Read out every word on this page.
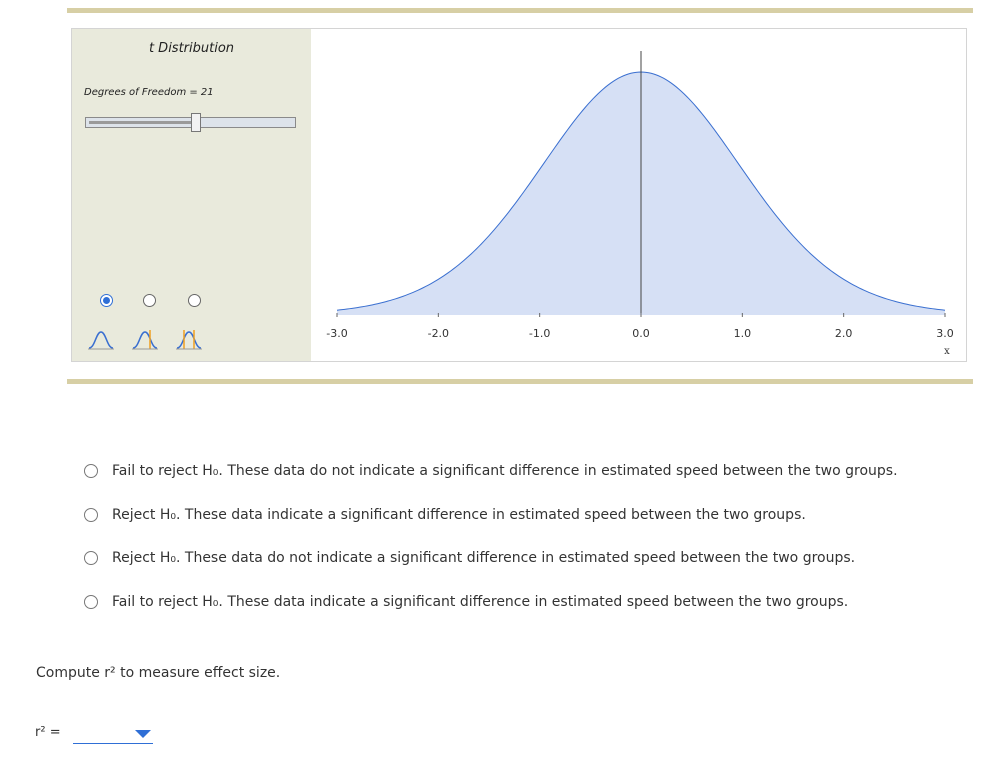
t Distribution
Degrees of Freedom = 21
-3.0	-2.0	-1.0	0.0	1.0	2.0	3.0
x
Fail to reject H₀. These data do not indicate a significant difference in estimated speed between the two groups.
Reject H₀. These data indicate a significant difference in estimated speed between the two groups.
Reject H₀. These data do not indicate a significant difference in estimated speed between the two groups.
Fail to reject H₀. These data indicate a significant difference in estimated speed between the two groups.
Compute r² to measure effect size.
r² =
